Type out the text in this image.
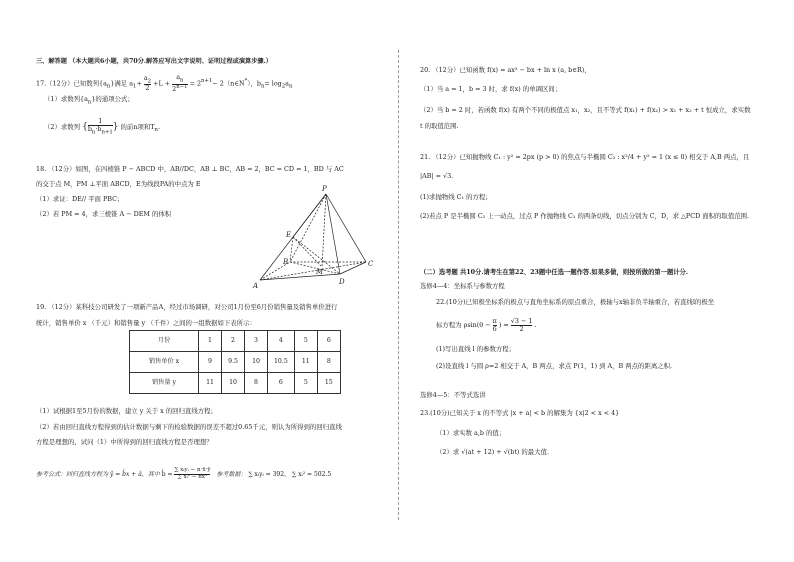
三、解答题 （本大题共6小题，共70分.解答应写出文字说明、证明过程或演算步骤.）
17.（12分）已知数列$\{a_n\}$满足 $a_1+ \frac{a_2}{2} +L + \frac{a_n}{2^{n-1}} = 2^{n+1}-$ 2（n∈N*），$b_n= \log_2a_n$
（1）求数列$\{a_n\}$的通项公式；
（2）求数列 { $\frac{1}{b_n\cdot b_{n+1}}$ } 的前n项和$T_n$.
18. （12分）如图，在四棱锥 P − ABCD 中，AB//DC，AB ⊥ BC，AB = 2，BC = CD = 1，BD 与 AC
的交于点 M，PM ⊥平面 ABCD，E为线段PA的中点为 E
（1）求证：DE// 平面 PBC；
（2）若 PM = 4，求三棱锥 A − DEM 的体积
P
E
B
M
C
A	D
19. （12分）某科技公司研发了一项新产品A，经过市场调研，对公司1月份至6月份销售量及销售单价进行
统计，销售单价 x （千元）和销售量 y （千件）之间的一组数据如下表所示：
月份	1	2	3	4	5	6
销售单价 x	9	9.5	10	10.5	11	8
销售量 y	11	10	8	6	5	15
（1）试根据1至5月份的数据，建立 y 关于 x 的回归直线方程；
（2）若由回归直线方程得到的估计数据与剩下的检验数据的误差不超过0.65千元，则认为所得到的回归直线
方程是理想的，试问（1）中所得到的回归直线方程是否理想？
参考公式：回归直线方程为 ŷ = b̂x + â，其中 b̂ = $\frac{\text{∑ xᵢyᵢ − n·x̄·ȳ}}{\text{∑ xᵢ² − nx̄²}}$ 参考数据： ∑ xᵢyᵢ = 392， ∑ xᵢ² = 502.5
20. （12分）已知函数 f(x) = ax² − bx + ln x (a, b∈R)，
（1）当 a = 1，b = 3 时，求 f(x) 的单调区间；
（2）当 b = 2 时，若函数 f(x) 有两个不同的极值点 x₁，x₂，且不等式 f(x₁) + f(x₂) > x₁ + x₂ + t 恒成立，求实数
t 的取值范围.
21. （12分）已知抛物线 C₁ : y² = 2px (p > 0) 的焦点与半椭圆 C₂ : x²/4 + y² = 1 (x ≤ 0) 相交于 A,B 两点，且
|AB| = √3.
(1)求抛物线 C₁ 的方程；
(2)若点 P 是半椭圆 C₂ 上一动点，过点 P 作抛物线 C₁ 的两条切线，切点分别为 C，D，求 △PCD 面积的取值范围.
（二）选考题 共10分.请考生在第22、23题中任选一题作答.如果多做，则按所做的第一题计分.
选修4—4：坐标系与参数方程
22.(10分)已知极坐标系的极点与直角坐标系的原点重合，极轴与x轴非负半轴重合，若直线l的极坐
标方程为 $\rho\sin(\theta - \frac{\pi}{6}$ ) = $\frac{√3 - 1}{2}$ .
(1)写出直线 l 的参数方程；
(2)设直线 l 与圆 ρ=2 相交于 A，B 两点，求点 P(1，1) 到 A，B 两点的距离之积.
选修4—5：不等式选讲
23.(10分)已知关于 x 的不等式 |x + a| < b 的解集为 {x|2 < x < 4}
（1）求实数 a,b 的值；
（2）求 √(at + 12) + √(bt) 的最大值.
